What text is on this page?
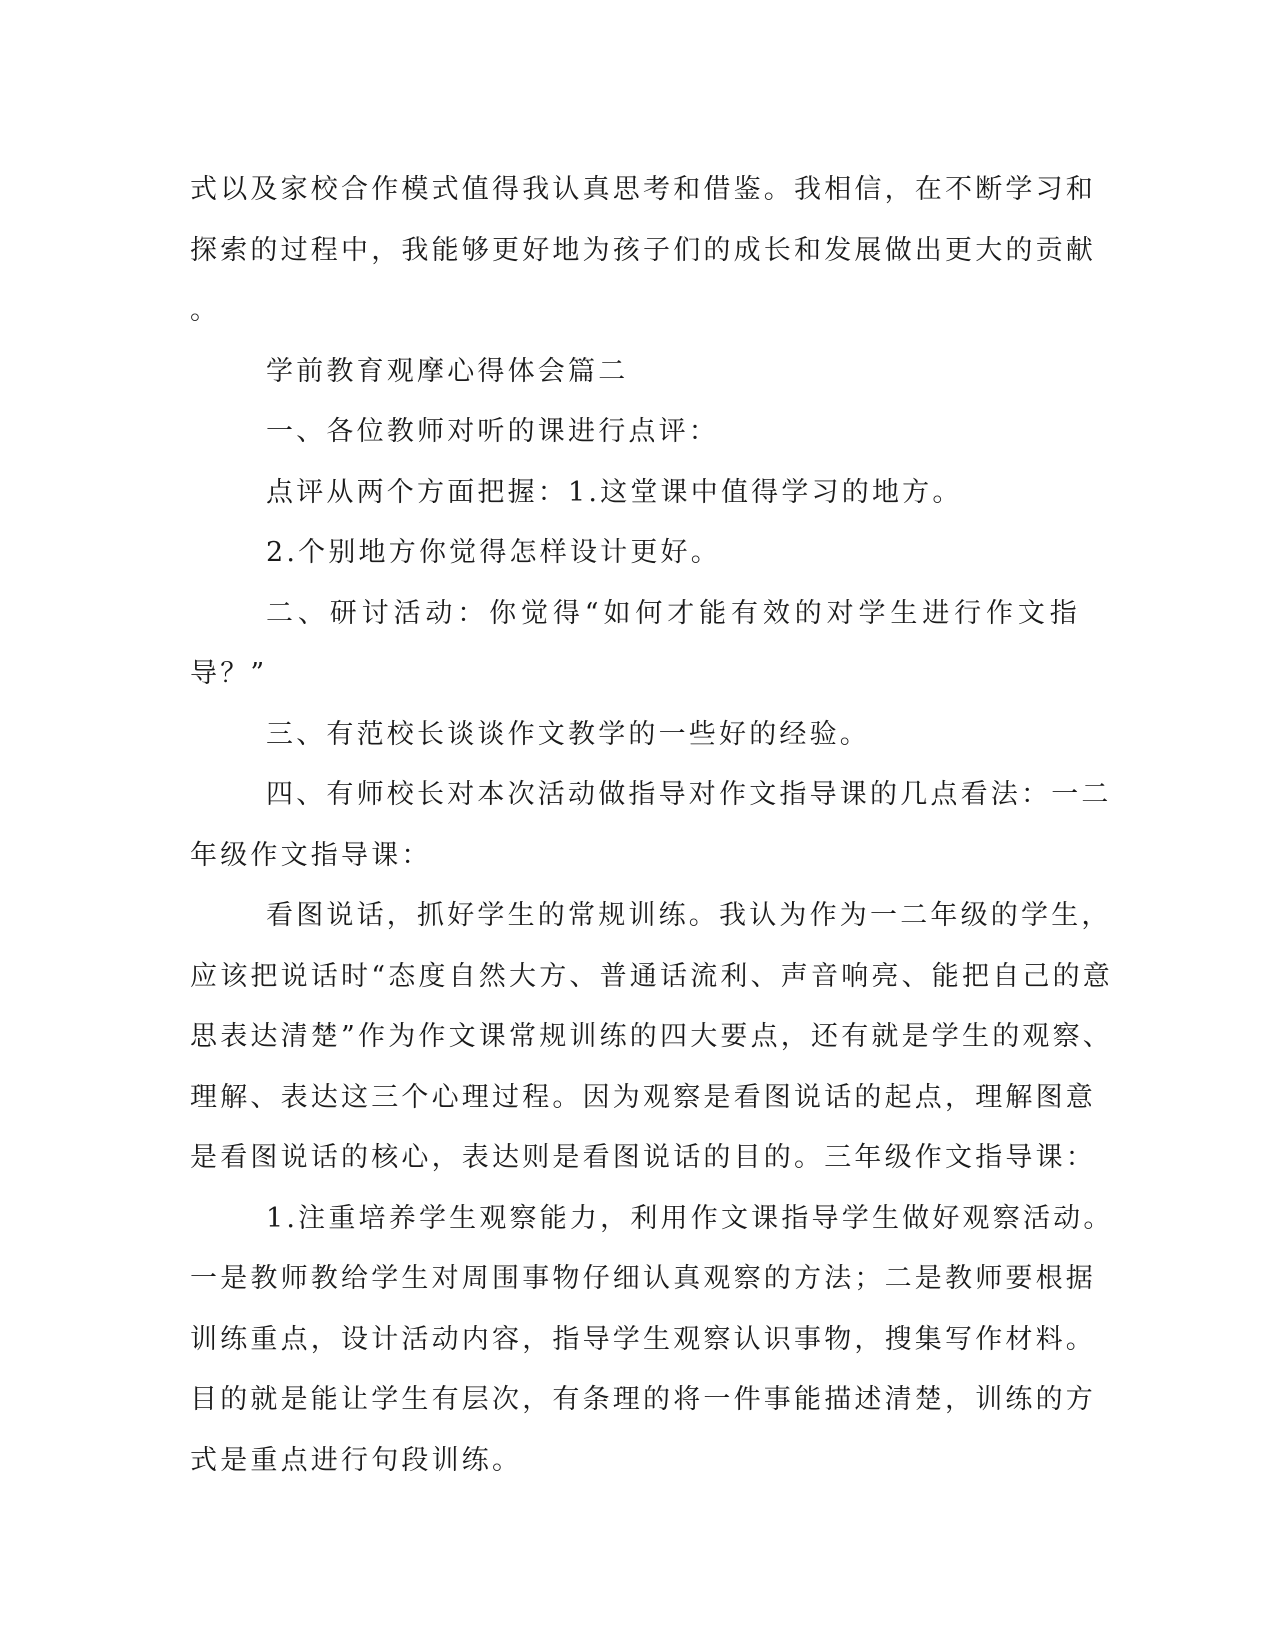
式以及家校合作模式值得我认真思考和借鉴。我相信，在不断学习和
探索的过程中，我能够更好地为孩子们的成长和发展做出更大的贡献
。

学前教育观摩心得体会篇二

一、各位教师对听的课进行点评：

点评从两个方面把握：1.这堂课中值得学习的地方。

2.个别地方你觉得怎样设计更好。

二、研讨活动：你觉得“如何才能有效的对学生进行作文指导？”

三、有范校长谈谈作文教学的一些好的经验。

四、有师校长对本次活动做指导对作文指导课的几点看法：一二
年级作文指导课：

看图说话，抓好学生的常规训练。我认为作为一二年级的学生，
应该把说话时“态度自然大方、普通话流利、声音响亮、能把自己的意
思表达清楚”作为作文课常规训练的四大要点，还有就是学生的观察、
理解、表达这三个心理过程。因为观察是看图说话的起点，理解图意
是看图说话的核心，表达则是看图说话的目的。三年级作文指导课：

1.注重培养学生观察能力，利用作文课指导学生做好观察活动。
一是教师教给学生对周围事物仔细认真观察的方法；二是教师要根据
训练重点，设计活动内容，指导学生观察认识事物，搜集写作材料。
目的就是能让学生有层次，有条理的将一件事能描述清楚，训练的方
式是重点进行句段训练。
